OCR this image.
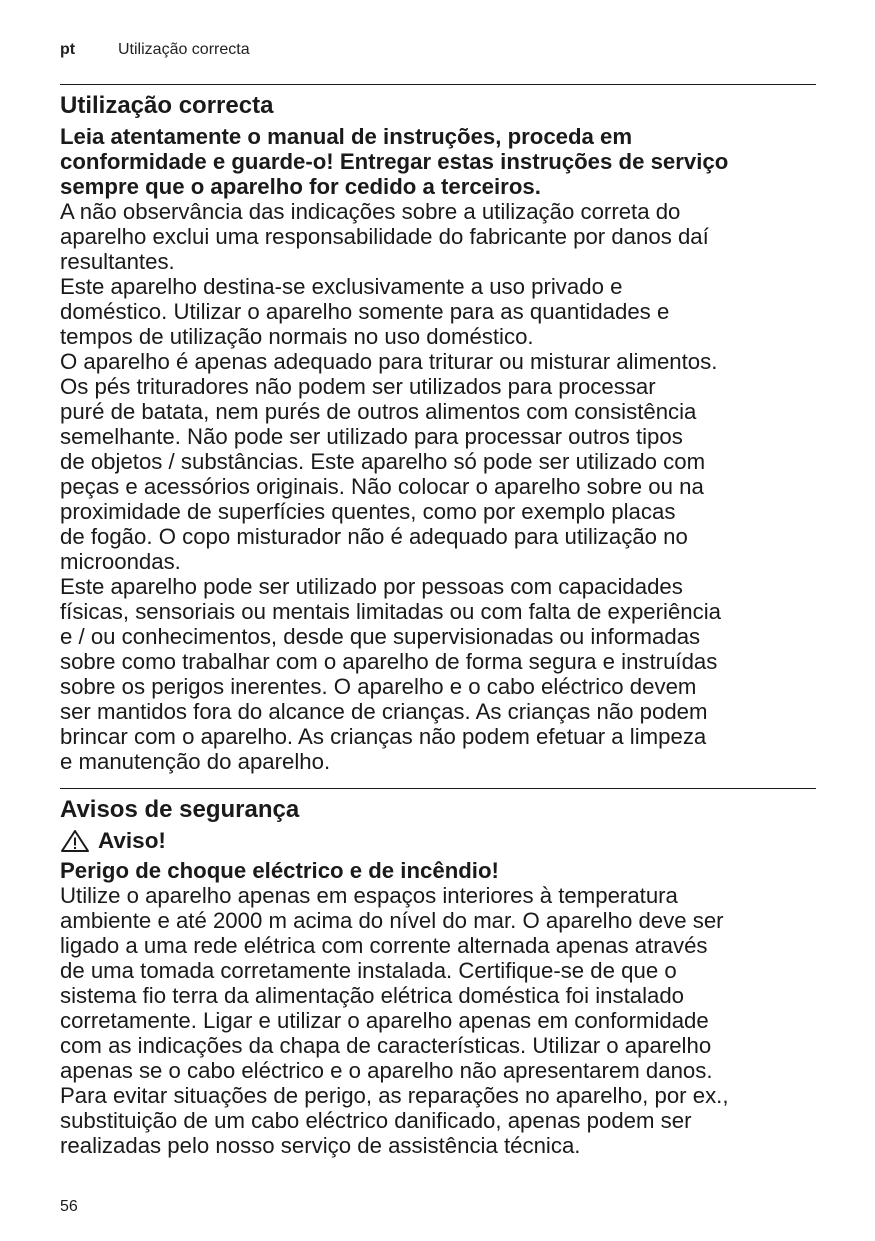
pt	Utilização correcta
Utilização correcta
Leia atentamente o manual de instruções, proceda em
conformidade e guarde-o! Entregar estas instruções de serviço
sempre que o aparelho for cedido a terceiros.
A não observância das indicações sobre a utilização correta do
aparelho exclui uma responsabilidade do fabricante por danos daí
resultantes.
Este aparelho destina-se exclusivamente a uso privado e
doméstico. Utilizar o aparelho somente para as quantidades e
tempos de utilização normais no uso doméstico.
O aparelho é apenas adequado para triturar ou misturar alimentos.
Os pés trituradores não podem ser utilizados para processar
puré de batata, nem purés de outros alimentos com consistência
semelhante. Não pode ser utilizado para processar outros tipos
de objetos / substâncias. Este aparelho só pode ser utilizado com
peças e acessórios originais. Não colocar o aparelho sobre ou na
proximidade de superfícies quentes, como por exemplo placas
de fogão. O copo misturador não é adequado para utilização no
microondas.
Este aparelho pode ser utilizado por pessoas com capacidades
físicas, sensoriais ou mentais limitadas ou com falta de experiência
e / ou conhecimentos, desde que supervisionadas ou informadas
sobre como trabalhar com o aparelho de forma segura e instruídas
sobre os perigos inerentes. O aparelho e o cabo eléctrico devem
ser mantidos fora do alcance de crianças. As crianças não podem
brincar com o aparelho. As crianças não podem efetuar a limpeza
e manutenção do aparelho.
Avisos de segurança
Aviso!
Perigo de choque eléctrico e de incêndio!
Utilize o aparelho apenas em espaços interiores à temperatura
ambiente e até 2000 m acima do nível do mar. O aparelho deve ser
ligado a uma rede elétrica com corrente alternada apenas através
de uma tomada corretamente instalada. Certifique-se de que o
sistema fio terra da alimentação elétrica doméstica foi instalado
corretamente. Ligar e utilizar o aparelho apenas em conformidade
com as indicações da chapa de características. Utilizar o aparelho
apenas se o cabo eléctrico e o aparelho não apresentarem danos.
Para evitar situações de perigo, as reparações no aparelho, por ex.,
substituição de um cabo eléctrico danificado, apenas podem ser
realizadas pelo nosso serviço de assistência técnica.
56
